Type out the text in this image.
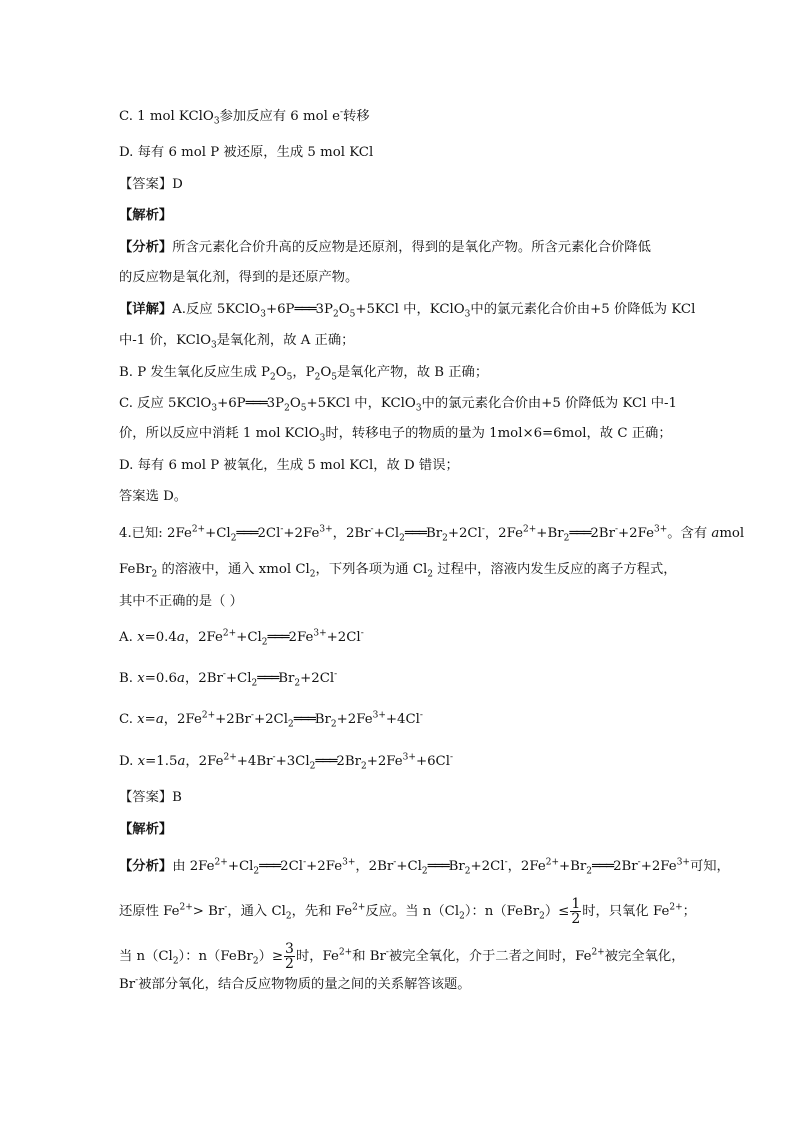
C. 1 mol KClO$_3$参加反应有 6 mol e-转移
D. 每有 6 mol P 被还原，生成 5 mol KCl
【答案】D
【解析】
【分析】所含元素化合价升高的反应物是还原剂，得到的是氧化产物。所含元素化合价降低
的反应物是氧化剂，得到的是还原产物。
【详解】A.反应 $5KClO_3+6P═══3P_2O_5+5KCl$ 中，KClO$_3$中的氯元素化合价由+5 价降低为 KCl
中-1 价，KClO$_3$是氧化剂，故 A 正确；
B. P 发生氧化反应生成 $P_2O_5$，$P_2O_5$是氧化产物，故 B 正确；
C. 反应 $5KClO_3+6P═══3P_2O_5+5KCl$ 中，KClO$_3$中的氯元素化合价由+5 价降低为 KCl 中-1
价，所以反应中消耗 1 mol KClO$_3$时，转移电子的物质的量为 1mol×6=6mol，故 C 正确；
D. 每有 6 mol P 被氧化，生成 5 mol KCl，故 D 错误；
答案选 D。
4.已知: $2Fe^{2+}+Cl_2═══2Cl^-+2Fe^{3+}$，$2Br^-+Cl_2═══Br_2+2Cl^-$，$2Fe^{2+}+Br_2═══2Br^-+2Fe^{3+}$。含有 amol
FeBr$_2$ 的溶液中，通入 xmol $Cl_2$，下列各项为通 $Cl_2$ 过程中，溶液内发生反应的离子方程式，
其中不正确的是（ ）
A. x=0.4a，$2Fe^{2+}+Cl_2═══2Fe^{3+}+2Cl^-$
B. x=0.6a，$2Br^-+Cl_2═══Br_2+2Cl^-$
C. x=a，$2Fe^{2+}+2Br^-+2Cl_2═══Br_2+2Fe^{3+}+4Cl^-$
D. x=1.5a，$2Fe^{2+}+4Br^-+3Cl_2═══2Br_2+2Fe^{3+}+6Cl^-$
【答案】B
【解析】
【分析】由 $2Fe^{2+}+Cl_2═══2Cl^-+2Fe^{3+}$，$2Br^-+Cl_2═══Br_2+2Cl^-$，$2Fe^{2+}+Br_2═══2Br^-+2Fe^{3+}$可知，
还原性 $Fe^{2+}> Br^-$，通入 $Cl_2$，先和 $Fe^{2+}$反应。当 $n(Cl_2)$：n（FeBr$_2$）≤ $\frac{1}{2}$ 时，只氧化 $Fe^{2+}$；
当 $n(Cl_2)$：n（FeBr$_2$）≥ $\frac{3}{2}$ 时，$Fe^{2+}$和 Br-被完全氧化，介于二者之间时，$Fe^{2+}$被完全氧化，
Br-被部分氧化，结合反应物物质的量之间的关系解答该题。
